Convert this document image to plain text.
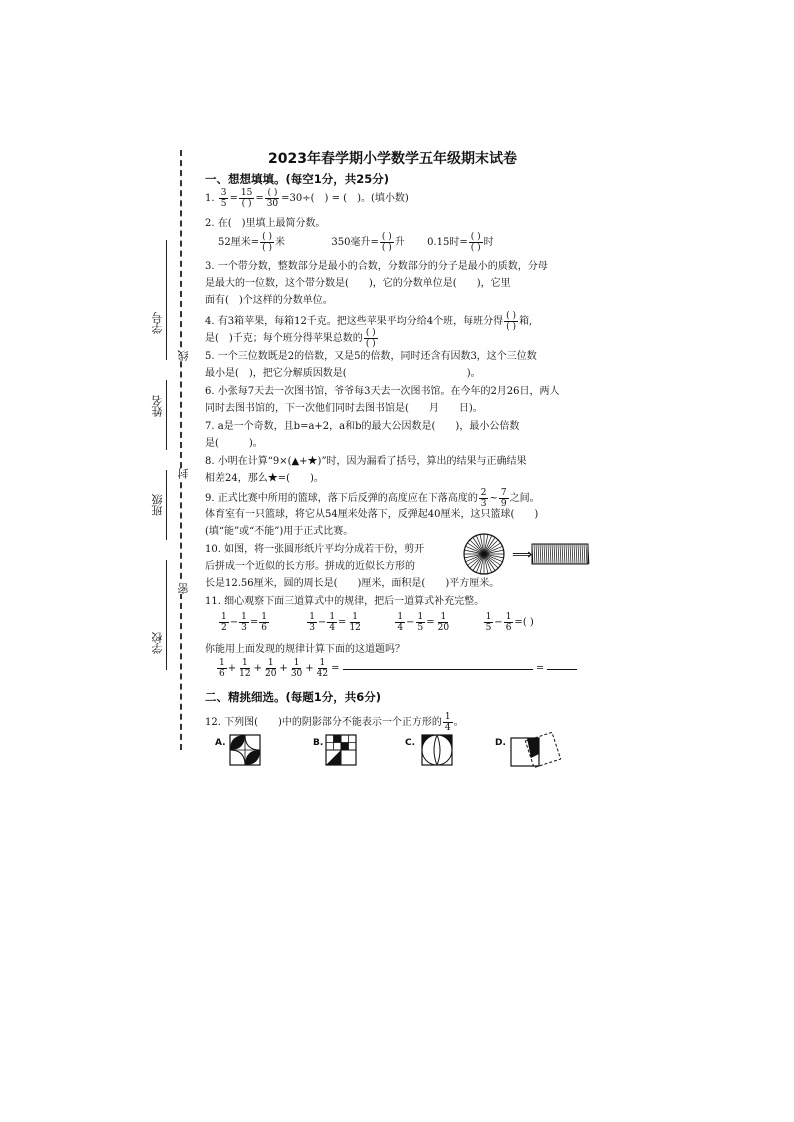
线
封
密
学号
姓名
班级
学校
2023年春学期小学数学五年级期末试卷
一、想想填填。(每空1分，共25分)
1. $\frac{3}{5} = \frac{15}{( )} = \frac{( )}{30} =30\div$(　) = (　)。(填小数)
2. 在(　)里填上最简分数。
52厘米= $\frac{( )}{( )}$ 米	350毫升= $\frac{( )}{( )}$ 升 0.15时= $\frac{( )}{( )}$ 时
3. 一个带分数，整数部分是最小的合数，分数部分的分子是最小的质数，分母
是最大的一位数，这个带分数是(　　)，它的分数单位是(　　)，它里
面有(　)个这样的分数单位。
4. 有3箱苹果，每箱12千克。把这些苹果平均分给4个班，每班分得 $\frac{( )}{( )}$ 箱,
是(　)千克；每个班分得苹果总数的 $\frac{( )}{( )}$
5. 一个三位数既是2的倍数，又是5的倍数，同时还含有因数3，这个三位数
最小是(　)，把它分解质因数是(　　　　　　　　　　　　)。
6. 小张每7天去一次图书馆，爷爷每3天去一次图书馆。在今年的2月26日，两人
同时去图书馆的，下一次他们同时去图书馆是(　　月　　日)。
7. a是一个奇数，且b=a+2，a和b的最大公因数是(　　)，最小公倍数
是(　　　)。
8. 小明在计算“9×(▲+★)”时，因为漏看了括号，算出的结果与正确结果
相差24，那么★=(　　)。
9. 正式比赛中所用的篮球，落下后反弹的高度应在下落高度的 $\frac{2}{3}$ ~ $\frac{7}{9}$ 之间。
体育室有一只篮球，将它从54厘米处落下，反弹起40厘米，这只篮球(　　)
(填“能”或“不能”)用于正式比赛。
10. 如图，将一张圆形纸片平均分成若干份，剪开
后拼成一个近似的长方形。拼成的近似长方形的
长是12.56厘米，圆的周长是(　　)厘米，面积是(　　)平方厘米。
⟹
11. 细心观察下面三道算式中的规律，把后一道算式补充完整。
$\frac{1}{2} - \frac{1}{3} = \frac{1}{6}$
	$\frac{1}{3} - \frac{1}{4} = \frac{1}{12}$
	$\frac{1}{4} - \frac{1}{5} = \frac{1}{20}$
	$\frac{1}{5} - \frac{1}{6}$ =( )
你能用上面发现的规律计算下面的这道题吗？
$\frac{1}{6} + \frac{1}{12} + \frac{1}{20} + \frac{1}{30} + \frac{1}{42}$ =	=
二、精挑细选。(每题1分，共6分)
12. 下列图(　　)中的阴影部分不能表示一个正方形的 $\frac{1}{4}$ 。
A.	B.	C.	D.
